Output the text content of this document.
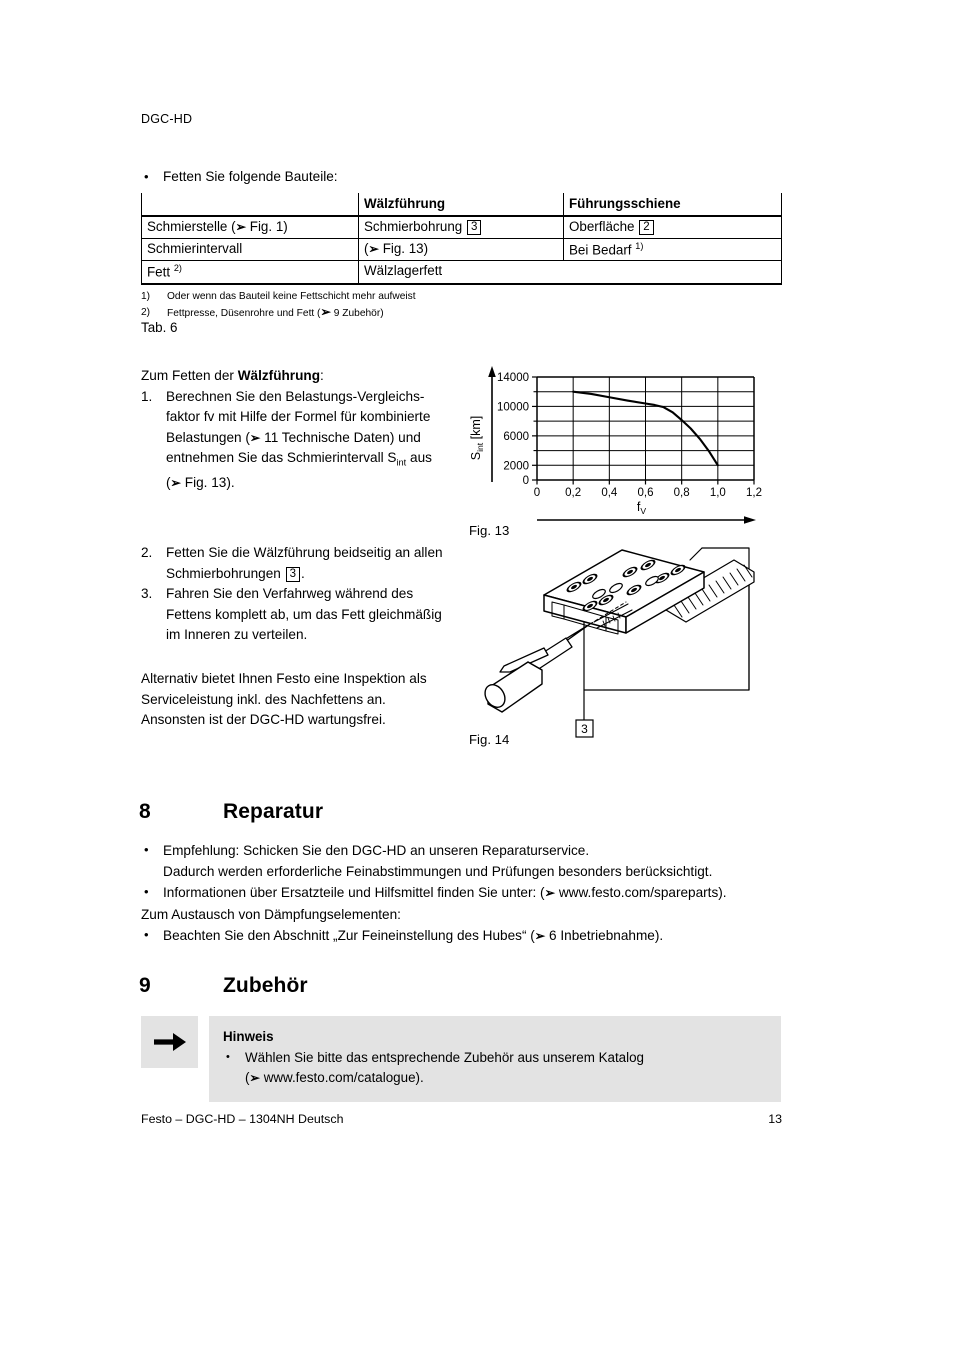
DGC-HD
•	Fetten Sie folgende Bauteile:
	Wälzführung	Führungsschiene
Schmierstelle (➢ Fig. 1)	Schmierbohrung 3	Oberfläche 2
Schmierintervall	(➢ Fig. 13)	Bei Bedarf $^{1)}$
Fett $^{2)}$	Wälzlagerfett	
1)	Oder wenn das Bauteil keine Fettschicht mehr aufweist
2)	Fettpresse, Düsenrohre und Fett (➢ 9 Zubehör)
Tab. 6
Zum Fetten der Wälzführung:
1.	Berechnen Sie den Belastungs-Vergleichs-
faktor fv mit Hilfe der Formel für kombinierte
Belastungen (➢ 11 Technische Daten) und
entnehmen Sie das Schmierintervall $S_{int}$ aus
(➢ Fig. 13).
2.	Fetten Sie die Wälzführung beidseitig an allen
Schmierbohrungen 3 .
3.	Fahren Sie den Verfahrweg während des
Fettens komplett ab, um das Fett gleichmäßig
im Inneren zu verteilen.
Alternativ bietet Ihnen Festo eine Inspektion als
Serviceleistung inkl. des Nachfettens an.
Ansonsten ist der DGC-HD wartungsfrei.
$S_{int}$ [km]
0
2000
6000
10000
14000
0 0,2 0,4 0,6 0,8 1,0 1,2
$f_V$
Fig. 13
3
Fig. 14
8	Reparatur
•	Empfehlung: Schicken Sie den DGC-HD an unseren Reparaturservice.
Dadurch werden erforderliche Feinabstimmungen und Prüfungen besonders berücksichtigt.
•	Informationen über Ersatzteile und Hilfsmittel finden Sie unter: (➢ www.festo.com/spareparts).
Zum Austausch von Dämpfungselementen:
•	Beachten Sie den Abschnitt „Zur Feineinstellung des Hubes“ (➢ 6 Inbetriebnahme).
9	Zubehör
Hinweis
•	Wählen Sie bitte das entsprechende Zubehör aus unserem Katalog
(➢ www.festo.com/catalogue).
Festo – DGC-HD – 1304NH Deutsch	13
